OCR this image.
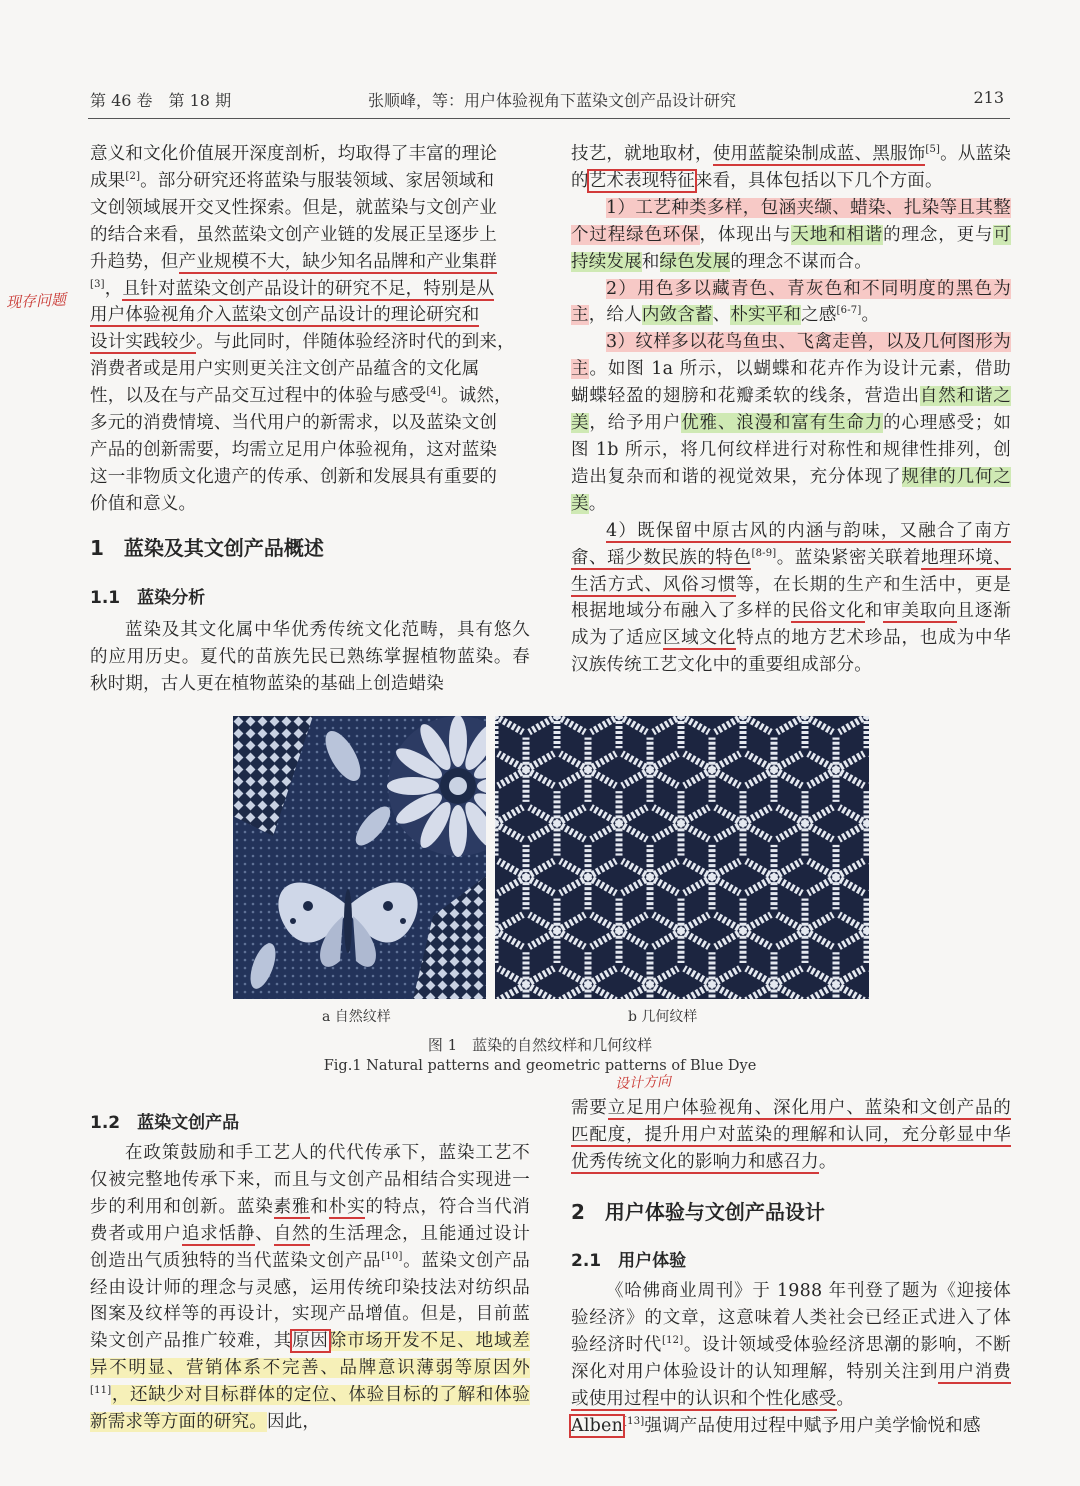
第 46 卷　第 18 期	张顺峰，等：用户体验视角下蓝染文创产品设计研究	213
现存问题
设计方向

意义和文化价值展开深度剖析，均取得了丰富的理论

成果[2]。部分研究还将蓝染与服装领域、家居领域和

文创领域展开交叉性探索。但是，就蓝染与文创产业

的结合来看，虽然蓝染文创产业链的发展正呈逐步上

升趋势，但产业规模不大，缺少知名品牌和产业集群

[3]，且针对蓝染文创产品设计的研究不足，特别是从

用户体验视角介入蓝染文创产品设计的理论研究和

设计实践较少。与此同时，伴随体验经济时代的到来，

消费者或是用户实则更关注文创产品蕴含的文化属

性，以及在与产品交互过程中的体验与感受[4]。诚然，

多元的消费情境、当代用户的新需求，以及蓝染文创

产品的创新需要，均需立足用户体验视角，这对蓝染

这一非物质文化遗产的传承、创新和发展具有重要的

价值和意义。

1　蓝染及其文创产品概述
1.1　蓝染分析

蓝染及其文化属中华优秀传统文化范畴，具有悠久的应用历史。夏代的苗族先民已熟练掌握植物蓝染。春秋时期，古人更在植物蓝染的基础上创造蜡染

技艺，就地取材，使用蓝靛染制成蓝、黑服饰[5]。从蓝染的艺术表现特征来看，具体包括以下几个方面。

1）工艺种类多样，包涵夹缬、蜡染、扎染等且其整个过程绿色环保，体现出与天地和相谐的理念，更与可持续发展和绿色发展的理念不谋而合。

2）用色多以藏青色、青灰色和不同明度的黑色为主，给人内敛含蓄、朴实平和之感[6-7]。

3）纹样多以花鸟鱼虫、飞禽走兽，以及几何图形为主。如图 1a 所示，以蝴蝶和花卉作为设计元素，借助蝴蝶轻盈的翅膀和花瓣柔软的线条，营造出自然和谐之美，给予用户优雅、浪漫和富有生命力的心理感受；如图 1b 所示，将几何纹样进行对称性和规律性排列，创造出复杂而和谐的视觉效果，充分体现了规律的几何之美。

4）既保留中原古风的内涵与韵味，又融合了南方畲、瑶少数民族的特色[8-9]。蓝染紧密关联着地理环境、生活方式、风俗习惯等，在长期的生产和生活中，更是根据地域分布融入了多样的民俗文化和审美取向且逐渐成为了适应区域文化特点的地方艺术珍品，也成为中华汉族传统工艺文化中的重要组成部分。

a 自然纹样	b 几何纹样
图 1　蓝染的自然纹样和几何纹样
Fig.1 Natural patterns and geometric patterns of Blue Dye
1.2　蓝染文创产品

在政策鼓励和手工艺人的代代传承下，蓝染工艺不仅被完整地传承下来，而且与文创产品相结合实现进一步的利用和创新。蓝染素雅和朴实的特点，符合当代消费者或用户追求恬静、自然的生活理念，且能通过设计创造出气质独特的当代蓝染文创产品[10]。蓝染文创产品经由设计师的理念与灵感，运用传统印染技法对纺织品图案及纹样等的再设计，实现产品增值。但是，目前蓝染文创产品推广较难，其原因除市场开发不足、地域差异不明显、营销体系不完善、品牌意识薄弱等原因外[11]，还缺少对目标群体的定位、体验目标的了解和体验新需求等方面的研究。因此，

需要立足用户体验视角、深化用户、蓝染和文创产品的匹配度，提升用户对蓝染的理解和认同，充分彰显中华优秀传统文化的影响力和感召力。

2　用户体验与文创产品设计
2.1　用户体验

《哈佛商业周刊》于 1988 年刊登了题为《迎接体验经济》的文章，这意味着人类社会已经正式进入了体验经济时代[12]。设计领域受体验经济思潮的影响，不断深化对用户体验设计的认知理解，特别关注到用户消费或使用过程中的认识和个性化感受。

Alben[13]强调产品使用过程中赋予用户美学愉悦和感
